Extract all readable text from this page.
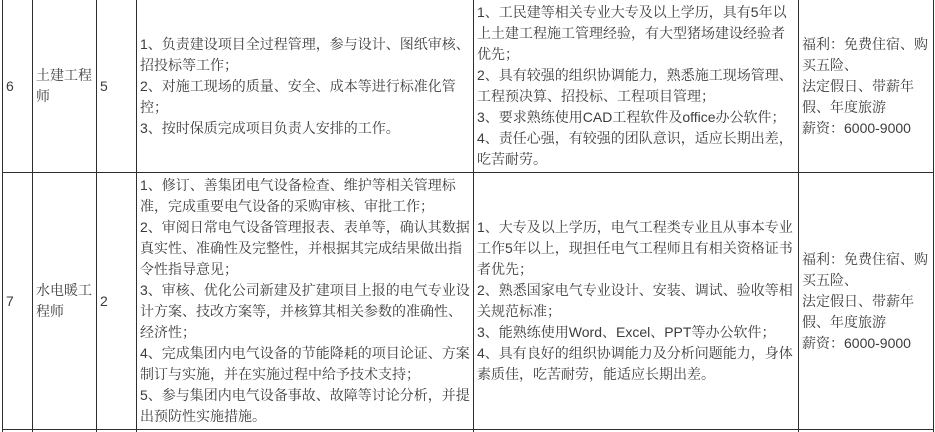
6	土建工程师	5	
1、负责建设项目全过程管理，参与设计、图纸审核、招投标等工作；
2、对施工现场的质量、安全、成本等进行标准化管控；
3、按时保质完成项目负责人安排的工作。

1、工民建等相关专业大专及以上学历，具有5年以上土建工程施工管理经验，有大型猪场建设经验者优先；
2、具有较强的组织协调能力，熟悉施工现场管理、工程预决算、招投标、工程项目管理；
3、要求熟练使用CAD工程软件及office办公软件；
4、责任心强，有较强的团队意识，适应长期出差，吃苦耐劳。

福利：免费住宿、购买五险、
法定假日、带薪年假、年度旅游
薪资：6000-9000

7	水电暖工程师	2	
1、修订、善集团电气设备检查、维护等相关管理标准，完成重要电气设备的采购审核、审批工作；
2、审阅日常电气设备管理报表、表单等，确认其数据真实性、准确性及完整性，并根据其完成结果做出指令性指导意见；
3、审核、优化公司新建及扩建项目上报的电气专业设计方案、技改方案等，并核算其相关参数的准确性、经济性；
4、完成集团内电气设备的节能降耗的项目论证、方案制订与实施，并在实施过程中给予技术支持；
5、参与集团内电气设备事故、故障等讨论分析，并提出预防性实施措施。

1、大专及以上学历，电气工程类专业且从事本专业工作5年以上，现担任电气工程师且有相关资格证书者优先；
2、熟悉国家电气专业设计、安装、调试、验收等相关规范标准；
3、能熟练使用Word、Excel、PPT等办公软件；
4、具有良好的组织协调能力及分析问题能力，身体素质佳，吃苦耐劳，能适应长期出差。

福利：免费住宿、购买五险、
法定假日、带薪年假、年度旅游
薪资：6000-9000
